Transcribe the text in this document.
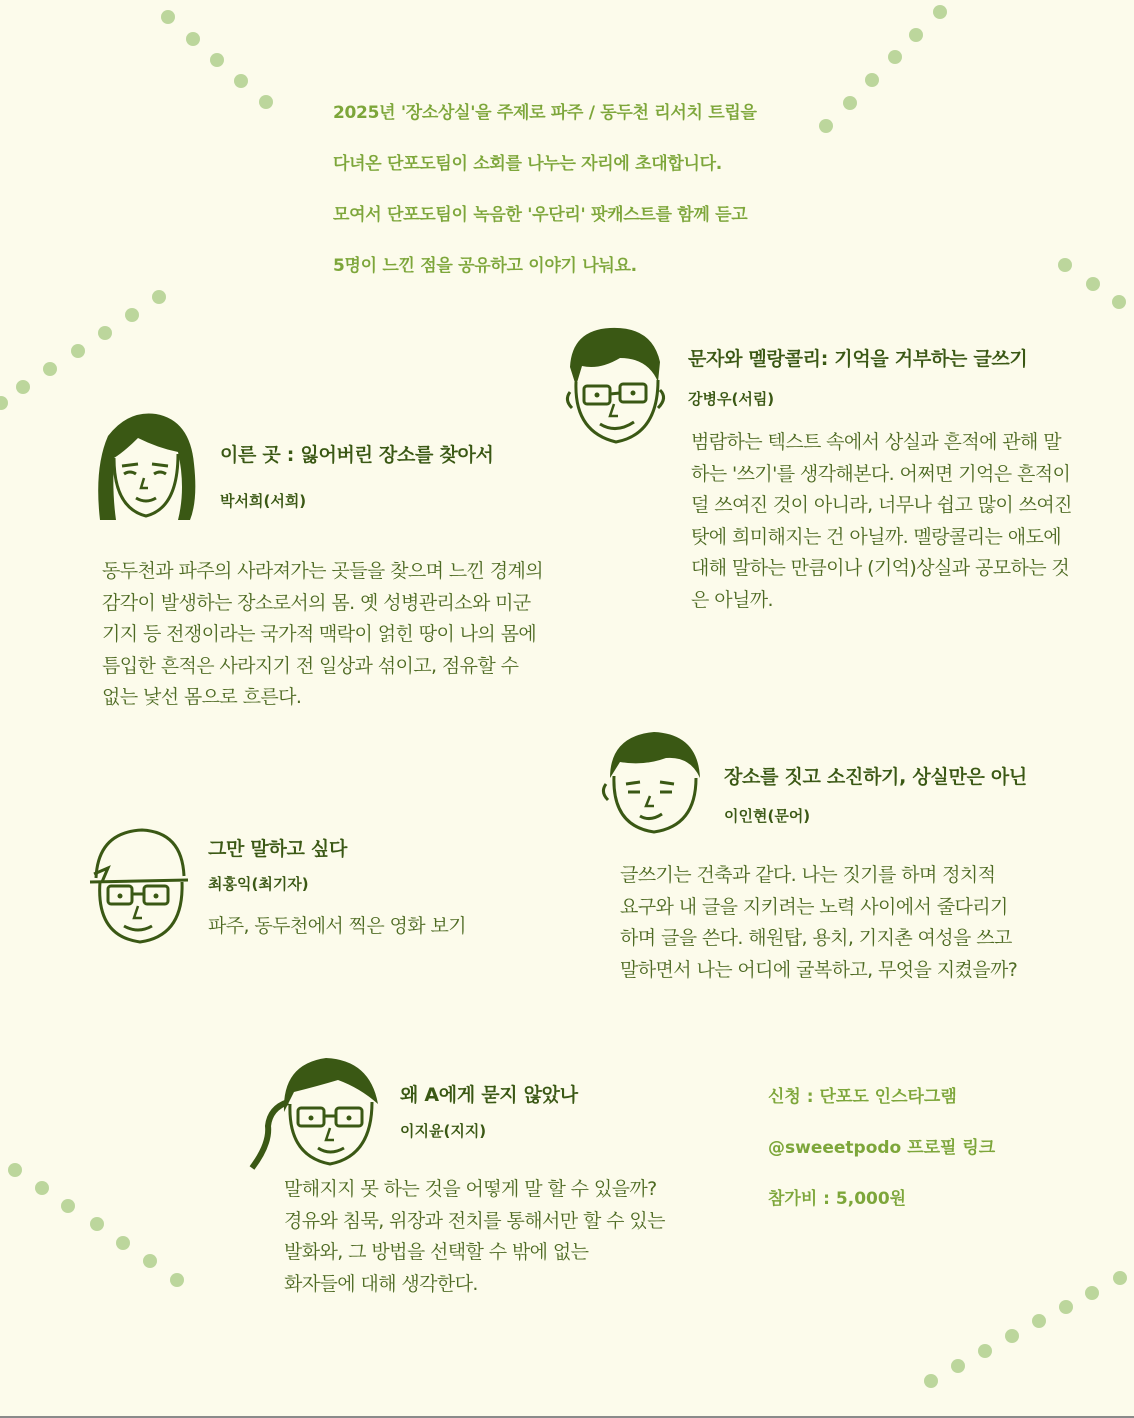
2025년 '장소상실'을 주제로 파주 / 동두천 리서치 트립을

다녀온 단포도팀이 소회를 나누는 자리에 초대합니다.

모여서 단포도팀이 녹음한 '우단리' 팟캐스트를 함께 듣고

5명이 느낀 점을 공유하고 이야기 나눠요.

문자와 멜랑콜리: 기억을 거부하는 글쓰기
강병우(서림)

범람하는 텍스트 속에서 상실과 흔적에 관해 말

하는 '쓰기'를 생각해본다. 어쩌면 기억은 흔적이

덜 쓰여진 것이 아니라, 너무나 쉽고 많이 쓰여진

탓에 희미해지는 건 아닐까. 멜랑콜리는 애도에

대해 말하는 만큼이나 (기억)상실과 공모하는 것

은 아닐까.

이른 곳 : 잃어버린 장소를 찾아서
박서희(서희)

동두천과 파주의 사라져가는 곳들을 찾으며 느낀 경계의

감각이 발생하는 장소로서의 몸. 옛 성병관리소와 미군

기지 등 전쟁이라는 국가적 맥락이 얽힌 땅이 나의 몸에

틈입한 흔적은 사라지기 전 일상과 섞이고, 점유할 수

없는 낯선 몸으로 흐른다.

장소를 짓고 소진하기, 상실만은 아닌
이인현(문어)

글쓰기는 건축과 같다. 나는 짓기를 하며 정치적

요구와 내 글을 지키려는 노력 사이에서 줄다리기

하며 글을 쓴다. 해원탑, 용치, 기지촌 여성을 쓰고

말하면서 나는 어디에 굴복하고, 무엇을 지켰을까?

그만 말하고 싶다
최홍익(최기자)

파주, 동두천에서 찍은 영화 보기

왜 A에게 묻지 않았나
이지윤(지지)

말해지지 못 하는 것을 어떻게 말 할 수 있을까?

경유와 침묵, 위장과 전치를 통해서만 할 수 있는

발화와, 그 방법을 선택할 수 밖에 없는

화자들에 대해 생각한다.

신청 : 단포도 인스타그램
@sweeetpodo 프로필 링크
참가비 : 5,000원
